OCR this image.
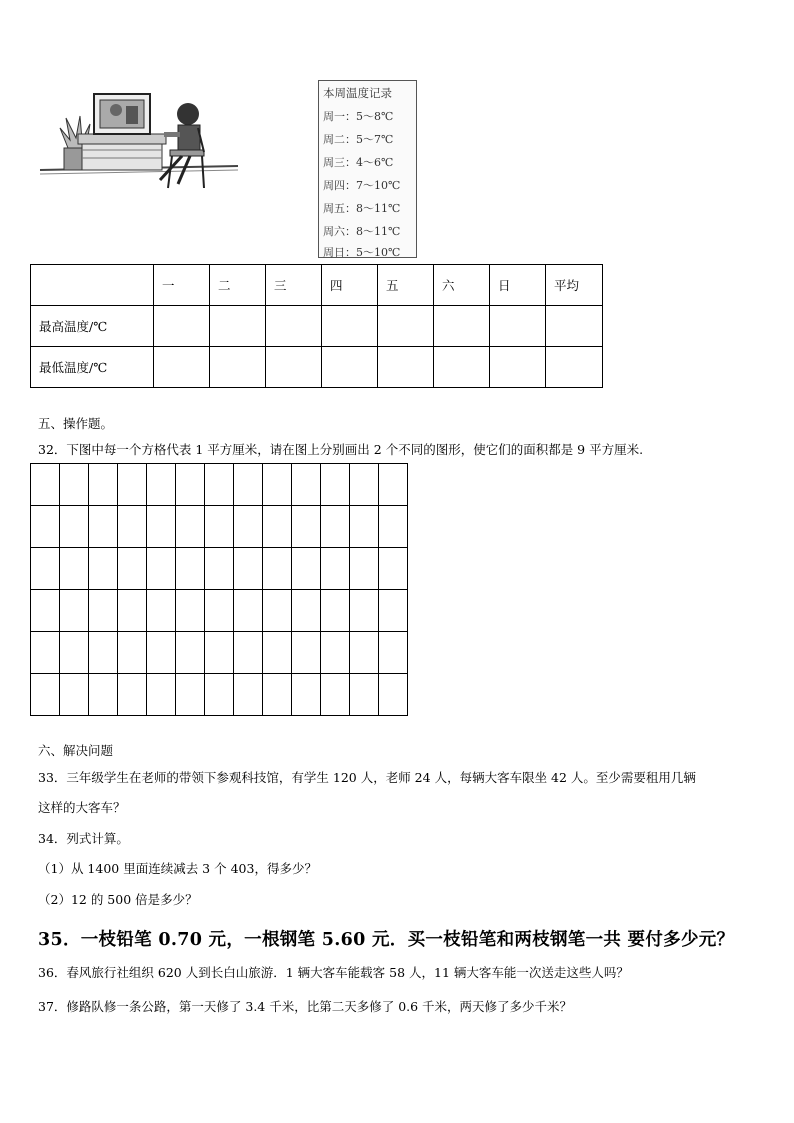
本周温度记录
周一：5～8℃
周二：5～7℃
周三：4～6℃
周四：7～10℃
周五：8～11℃
周六：8～11℃
周日：5～10℃
	一	二	三	四	五	六	日	平均
最高温度/℃								
最低温度/℃								
五、操作题。
32．下图中每一个方格代表 1 平方厘米，请在图上分别画出 2 个不同的图形，使它们的面积都是 9 平方厘米.

六、解决问题
33．三年级学生在老师的带领下参观科技馆，有学生 120 人，老师 24 人，每辆大客车限坐 42 人。至少需要租用几辆
这样的大客车？
34．列式计算。
（1）从 1400 里面连续减去 3 个 403，得多少？
（2）12 的 500 倍是多少？
35．一枝铅笔 0.70 元，一根钢笔 5.60 元．买一枝铅笔和两枝钢笔一共 要付多少元？
36．春风旅行社组织 620 人到长白山旅游．1 辆大客车能载客 58 人，11 辆大客车能一次送走这些人吗？
37．修路队修一条公路，第一天修了 3.4 千米，比第二天多修了 0.6 千米，两天修了多少千米？
